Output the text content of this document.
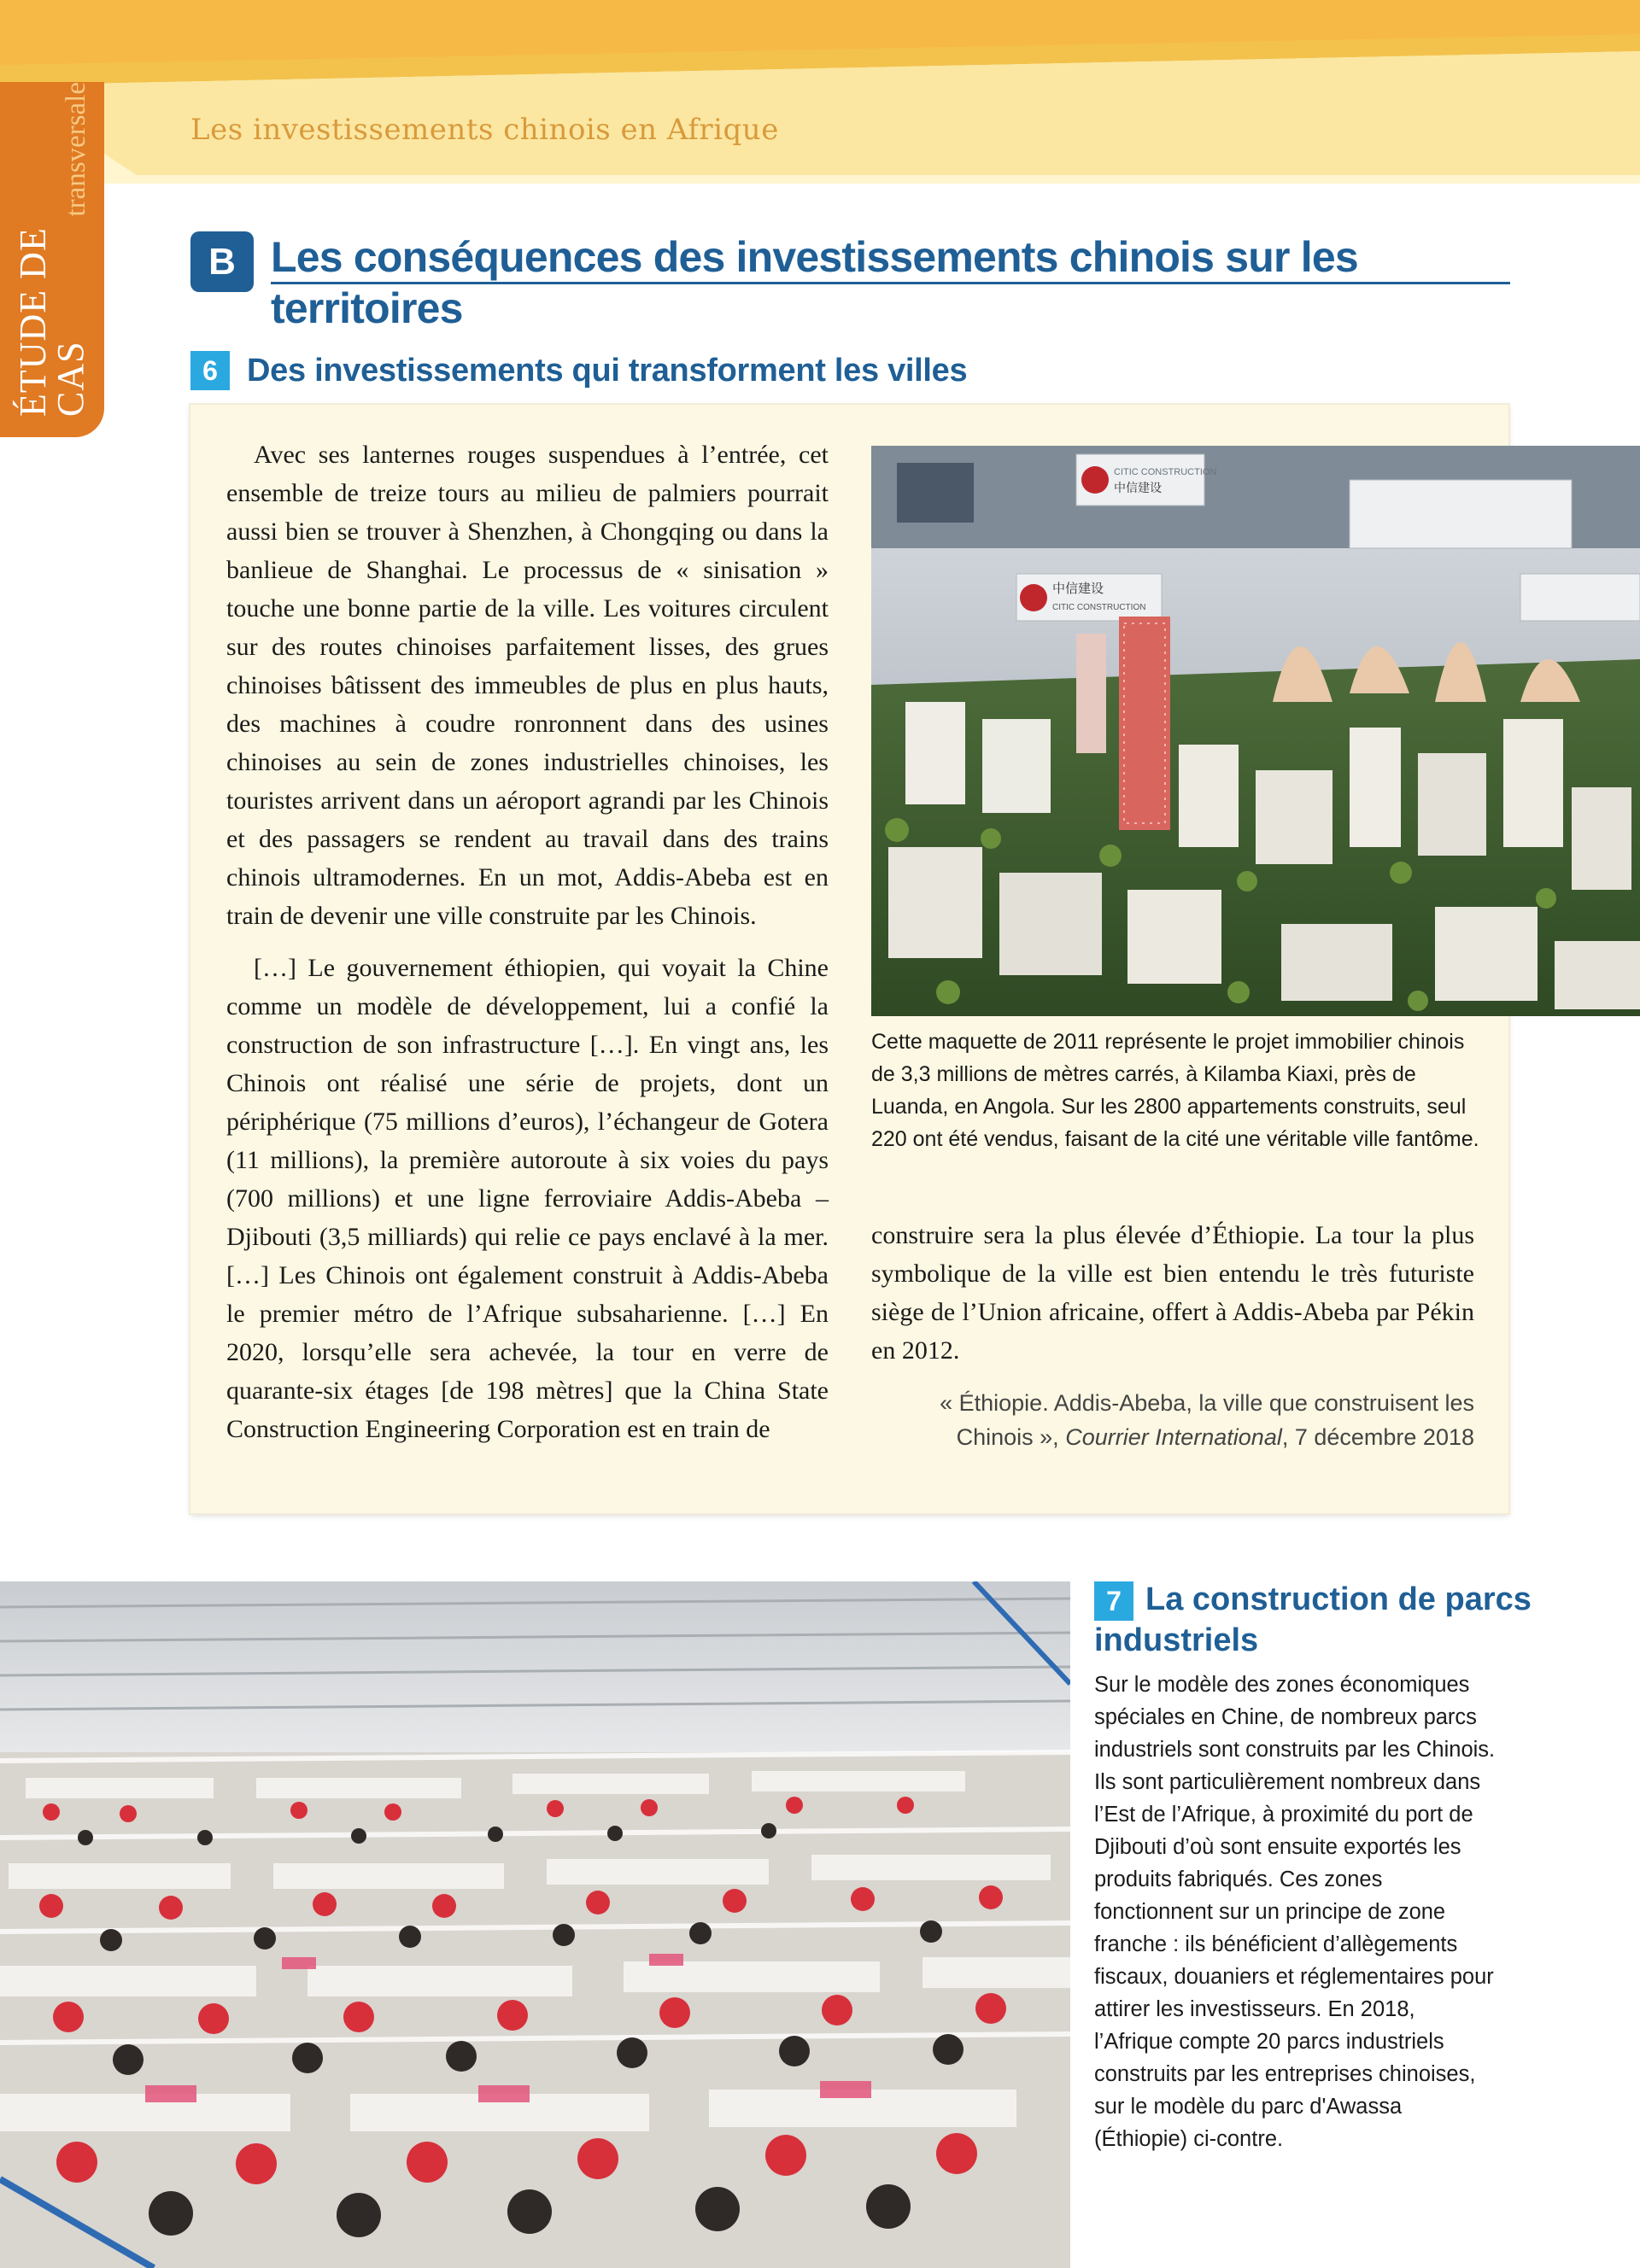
ÉTUDE DE CAS
transversale	Les investissements chinois en Afrique
B Les conséquences des investissements chinois sur les territoires
6 Des investissements qui transforment les villes

Avec ses lanternes rouges suspendues à l’entrée, cet ensemble de treize tours au milieu de palmiers pourrait aussi bien se trouver à Shenzhen, à Chongqing ou dans la banlieue de Shanghai. Le processus de « sinisation » touche une bonne partie de la ville. Les voitures circulent sur des routes chinoises parfaitement lisses, des grues chinoises bâtissent des immeubles de plus en plus hauts, des machines à coudre ronronnent dans des usines chinoises au sein de zones industrielles chinoises, les touristes arrivent dans un aéroport agrandi par les Chinois et des passagers se rendent au travail dans des trains chinois ultramodernes. En un mot, Addis-Abeba est en train de devenir une ville construite par les Chinois.

[…] Le gouvernement éthiopien, qui voyait la Chine comme un modèle de développement, lui a confié la construction de son infrastructure […]. En vingt ans, les Chinois ont réalisé une série de projets, dont un périphérique (75 millions d’euros), l’échangeur de Gotera (11 millions), la première autoroute à six voies du pays (700 millions) et une ligne ferroviaire Addis-Abeba – Djibouti (3,5 milliards) qui relie ce pays enclavé à la mer. […] Les Chinois ont également construit à Addis-Abeba le premier métro de l’Afrique subsaharienne. […] En 2020, lorsqu’elle sera achevée, la tour en verre de quarante-six étages [de 198 mètres] que la China State Construction Engineering Corporation est en train de

CITIC CONSTRUCTION
中信建设
中信建设
CITIC CONSTRUCTION
Cette maquette de 2011 représente le projet immobilier chinois de 3,3 millions de mètres carrés, à Kilamba Kiaxi, près de Luanda, en Angola. Sur les 2800 appartements construits, seul 220 ont été vendus, faisant de la cité une véritable ville fantôme.
construire sera la plus élevée d’Éthiopie. La tour la plus symbolique de la ville est bien entendu le très futuriste siège de l’Union africaine, offert à Addis-Abeba par Pékin en 2012.
« Éthiopie. Addis-Abeba, la ville que construisent les Chinois », Courrier International, 7 décembre 2018
7 La construction de parcs industriels
Sur le modèle des zones économiques spéciales en Chine, de nombreux parcs industriels sont construits par les Chinois. Ils sont particulièrement nombreux dans l’Est de l’Afrique, à proximité du port de Djibouti d’où sont ensuite exportés les produits fabriqués. Ces zones fonctionnent sur un principe de zone franche : ils bénéficient d’allègements fiscaux, douaniers et réglementaires pour attirer les investisseurs. En 2018, l’Afrique compte 20 parcs industriels construits par les entreprises chinoises, sur le modèle du parc d'Awassa (Éthiopie) ci-contre.
